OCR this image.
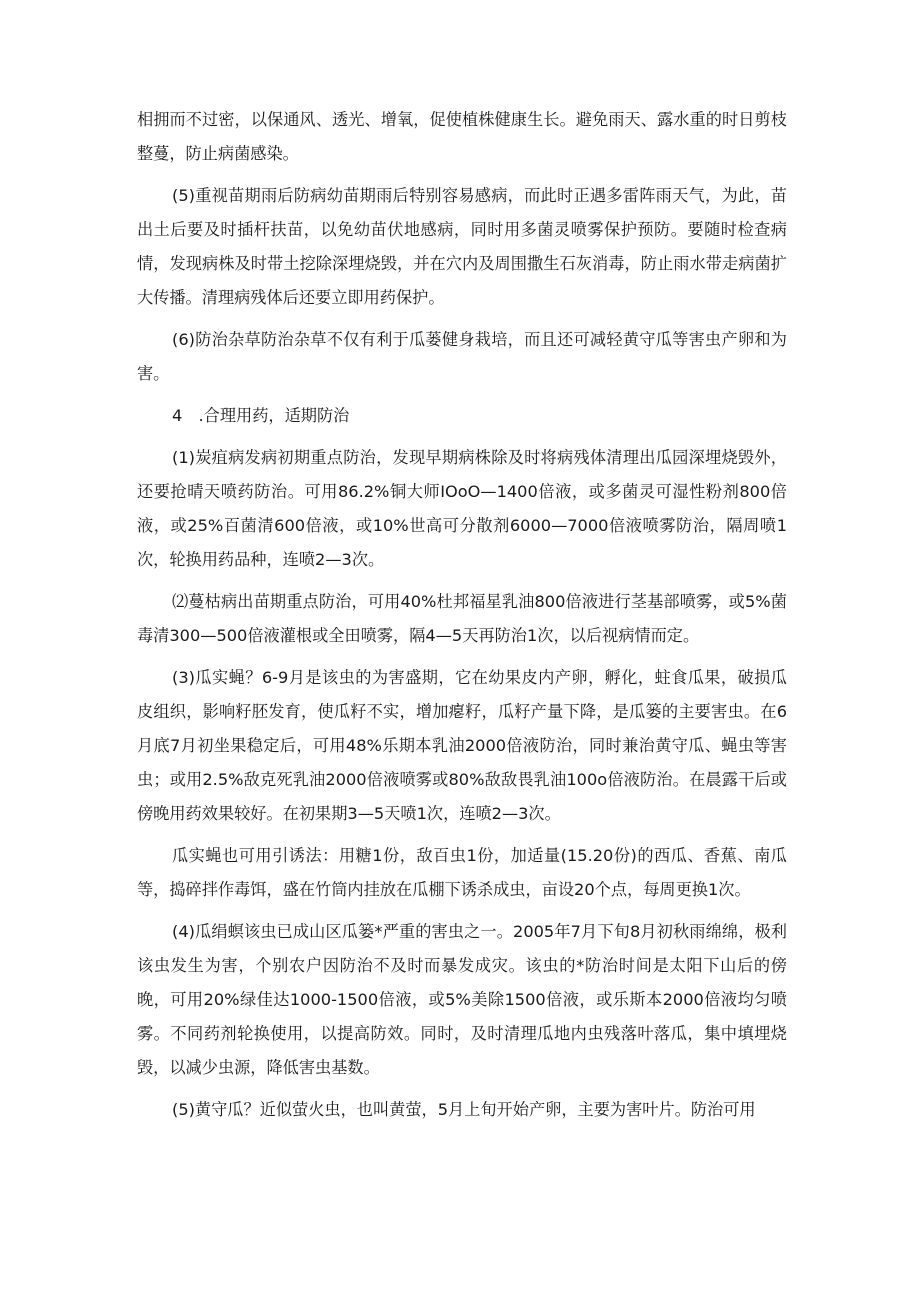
相拥而不过密，以保通风、透光、增氧，促使植株健康生长。避免雨天、露水重的时日剪枝整蔓，防止病菌感染。

(5)重视苗期雨后防病幼苗期雨后特别容易感病，而此时正遇多雷阵雨天气，为此，苗出土后要及时插杆扶苗，以免幼苗伏地感病，同时用多菌灵喷雾保护预防。要随时检查病情，发现病株及时带土挖除深埋烧毁，并在穴内及周围撒生石灰消毒，防止雨水带走病菌扩大传播。清理病残体后还要立即用药保护。

(6)防治杂草防治杂草不仅有利于瓜蒌健身栽培，而且还可减轻黄守瓜等害虫产卵和为害。

4　.合理用药，适期防治

(1)炭疽病发病初期重点防治，发现早期病株除及时将病残体清理出瓜园深埋烧毁外，还要抢晴天喷药防治。可用86.2%铜大师IOoO—1400倍液，或多菌灵可湿性粉剂800倍液，或25%百菌清600倍液，或10%世高可分散剂6000—7000倍液喷雾防治，隔周喷1次，轮换用药品种，连喷2—3次。

⑵蔓枯病出苗期重点防治，可用40%杜邦福星乳油800倍液进行茎基部喷雾，或5%菌毒清300—500倍液灌根或全田喷雾，隔4—5天再防治1次，以后视病情而定。

(3)瓜实蝇？6-9月是该虫的为害盛期，它在幼果皮内产卵，孵化，蛀食瓜果，破损瓜皮组织，影响籽胚发育，使瓜籽不实，增加瘪籽，瓜籽产量下降，是瓜篓的主要害虫。在6月底7月初坐果稳定后，可用48%乐期本乳油2000倍液防治，同时兼治黄守瓜、蝇虫等害虫；或用2.5%敌克死乳油2000倍液喷雾或80%敌敌畏乳油100o倍液防治。在晨露干后或傍晚用药效果较好。在初果期3—5天喷1次，连喷2—3次。

瓜实蝇也可用引诱法：用糖1份，敌百虫1份，加适量(15.20份)的西瓜、香蕉、南瓜等，捣碎拌作毒饵，盛在竹筒内挂放在瓜棚下诱杀成虫，亩设20个点，每周更换1次。

(4)瓜绢螟该虫已成山区瓜篓*严重的害虫之一。2005年7月下旬8月初秋雨绵绵，极利该虫发生为害，个别农户因防治不及时而暴发成灾。该虫的*防治时间是太阳下山后的傍晚，可用20%绿佳达1000-1500倍液，或5%美除1500倍液，或乐斯本2000倍液均匀喷雾。不同药剂轮换使用，以提高防效。同时，及时清理瓜地内虫残落叶落瓜，集中填埋烧毁，以减少虫源，降低害虫基数。

(5)黄守瓜？近似萤火虫，也叫黄萤，5月上旬开始产卵，主要为害叶片。防治可用
